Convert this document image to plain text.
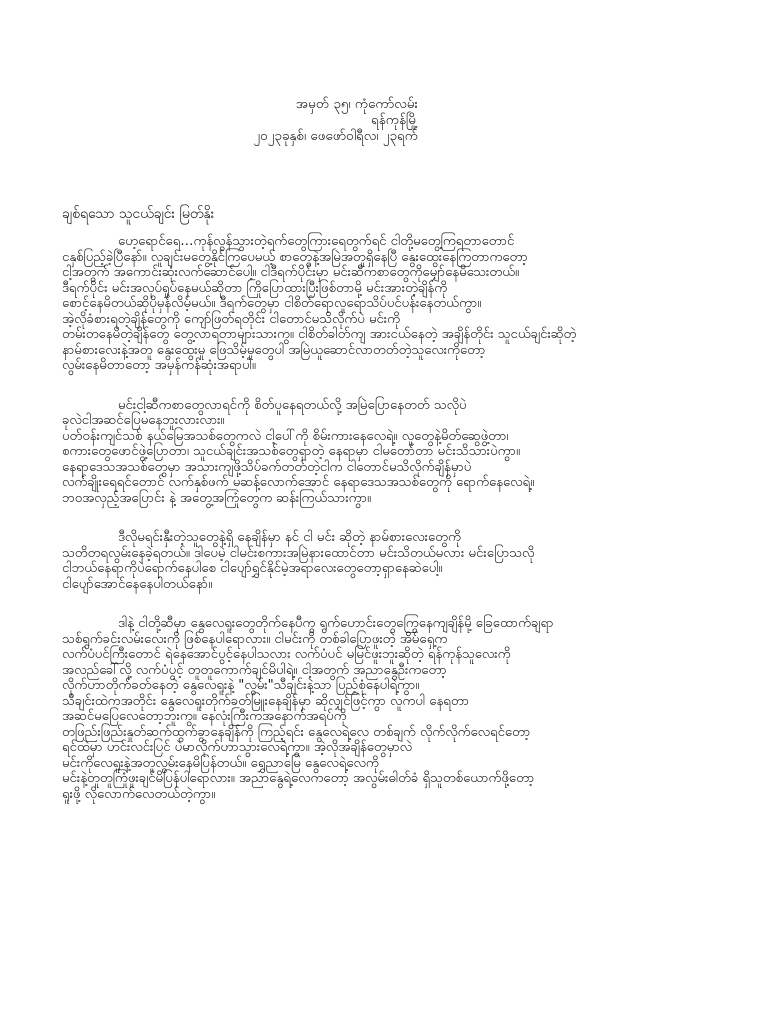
အမှတ် ၃၅၊ ကုံကော်လမ်း
ရန်ကုန်မြို့
၂၀၂၃ခုနှစ်၊ ဖေဖော်ဝါရီလ၊ ၂၃ရက်
ချစ်ရသော သူငယ်ချင်း မြတ်နိုး

ဟေ့ရောင်ရေ…ကုန်လွန်သွားတဲ့ရက်တွေကြားရေတွက်ရင် ငါတို့မတွေ့ကြရတာတောင်
ငနှစ်ပြည့်ခဲ့ပြီနော်။ လူချင်းမတွေ့နိုင်ကြပေမယ့် စာတွေနဲ့အမြဲအတူရှိနေပြီ နွေးထွေးနေကြတာကတော့
ငါ့အတွက် အကောင်းဆုံးလက်ဆောင်ပေါ့။ ငါဒီရက်ပိုင်းမှာ မင်းဆီကစာတွေကိုမျှော်နေမိသေးတယ်။
ဒီရက်ပိုင်း မင်းအလုပ်ရှုပ်နေမယ်ဆိုတာ ကြိုပြောထားပြီးဖြစ်တာမို့ မင်းအားတဲ့ချိန်ကို
စောင့်နေမိတယ်ဆိုပိုမှန်လိမ့်မယ်။ ဒီရက်တွေမှာ ငါစိတ်ရောလူရောသိပ်ပင်ပန်းနေတယ်ကွာ။
အဲ့လိုခံစားရတဲ့ချိန်တွေကို ကျော်ဖြတ်ရတိုင်း ငါတောင်မသိလိုက်ပဲ မင်းကို
တမ်းတနေမိတဲ့ချိန်တွေ တွေ့လာရတာများသားကွ။ ငါစိတ်ခါတ်ကျ အားငယ်နေတဲ့ အချိန်တိုင်း သူငယ်ချင်းဆိုတဲ့
နာမ်စားလေးနဲ့အတူ နွေးထွေးမှု ဖြေသိမ့်မှုတွေပါ အမြဲယူဆောင်လာတတ်တဲ့သူလေးကိုတော့
လွမ်းနေမိတာတော့ အမှန်ကန်ဆုံးအရာပါ။

မင်းငါ့ဆီကစာတွေလာရင်ကို စိတ်ပူနေရတယ်လို့ အမြဲပြောနေတတ် သလိုပဲ
ခုလဲငါအဆင်ပြေမနေဘူးလားလား။
ပတ်ဝန်းကျင်သစ် နယ်မြေအသစ်တွေကလဲ ငါ့ပေါ်ကို စိမ်းကားနေလေရဲ့။ လူတွေနဲ့မိတ်ဆွေဖွဲ့တာ၊
စကားတွေဖောင်ဖွဲ့ပြောတာ၊ သူငယ်ချင်းအသစ်တွေရှာတဲ့ နေရာမှာ ငါမတော်တာ မင်းသိသားပဲကွာ။
နေရာဒေသအသစ်တွေမှာ အသားကျဖို့သိပ်ခက်တတ်တဲ့ငါက ငါတောင်မသိလိုက်ချိန်မှာပဲ
လက်ချိုးရေရင်တောင် လက်နှစ်ဖက် မဆန့်လောက်အောင် နေရာဒေသအသစ်တွေကို ရောက်နေလေရဲ့။
ဘဝအလှည့်အပြောင်း နဲ့ အတွေ့အကြုံတွေက ဆန်းကြယ်သားကွာ။

ဒီလိုမရင်းနှီးတဲ့သူတွေနဲ့ရှိ နေချိန်မှာ နင် ငါ မင်း ဆိုတဲ့ နာမ်စားလေးတွေကို
သတိတရလွမ်းနေခဲ့ရတယ်။ ဒါပေမဲ့ ငါမင်းစကားအမြဲနားထောင်တာ မင်းသိတယ်မလား မင်းပြောသလို
ငါဘယ်နေရာကိုပဲရောက်နေပါစေ ငါပျော်ရွှင်နိုင်မဲ့အရာလေးတွေတော့ရှာနေဆဲပေါ့။
ငါပျော်အောင်နေနေပါတယ်နော်။

ဒါနဲ့ ငါတို့ဆီမှာ နွေလေရူးတွေတိုက်နေပီကွ ရွက်ဟောင်းတွေကြွေနေကျချိန်မို့ ခြေထောက်ချရာ
သစ်ရွက်ခင်းလမ်းလေးကို ဖြစ်နေပါရောလား။ ငါမင်းကို တစ်ခါပြောဖူးတဲ့ အိမ်ရှေ့က
လက်ပံပင်ကြီးတောင် ရဲနေအောင်ပွင့်နေပါသလား လက်ပံပင် မမြင်ဖူးဘူးဆိုတဲ့ ရန်ကုန်သူလေးကို
အလည်ခေါ်လို့ လက်ပံပွင့် တူတူကောက်ချင်မိပါရဲ့။ ငါ့အတွက် အညာနွေဦးကတော့
လိုက်ဟာတိုက်ခတ်နေတဲ့ နွေလေရူးနဲ့ "လွမ်း"သီချင်းနဲ့သာ ပြည့်စုံနေပါရဲ့ကွာ။
သီချင်းထဲကအတိုင်း နွေလေရူးတိုက်ခတ်မြူးနေချိန်မှာ ဆိုလျှင်ဖြင့်ကွာ လူကပါ နေရတာ
အဆင်မပြေလေတော့ဘူးကွ။ နေလုံးကြီးကအနောက်အရပ်ကို
တဖြည်းဖြည်းနှုတ်ဆက်ထွက်ခွာနေချိန်ကို ကြည့်ရင်း နွေလေရဲ့လေ တစ်ချက် လိုက်လိုက်လေရင်တော့
ရင်ထဲမှာ ဟင်းလင်းပြင် ပဲမာလိုက်ဟာသွားလေရဲ့ကွာ။ အဲ့လိုအချိန်တွေမှာလဲ
မင်းကိုလေရူးနဲ့အတူလွမ်းနေမိပြန်တယ်။ ရွှေညာမြေ နွေလေရဲ့လေကို
မင်းနဲ့တူတူကြုံဖူးချင်မိပြန်ပါရောလား။ အညာနွေရဲ့လေကတော့ အလွမ်းဓါတ်ခံ ရှိသူတစ်ယောက်ဖို့တော့
ရူးဖို့ လိုလောက်လေတယ်တဲ့ကွာ။
